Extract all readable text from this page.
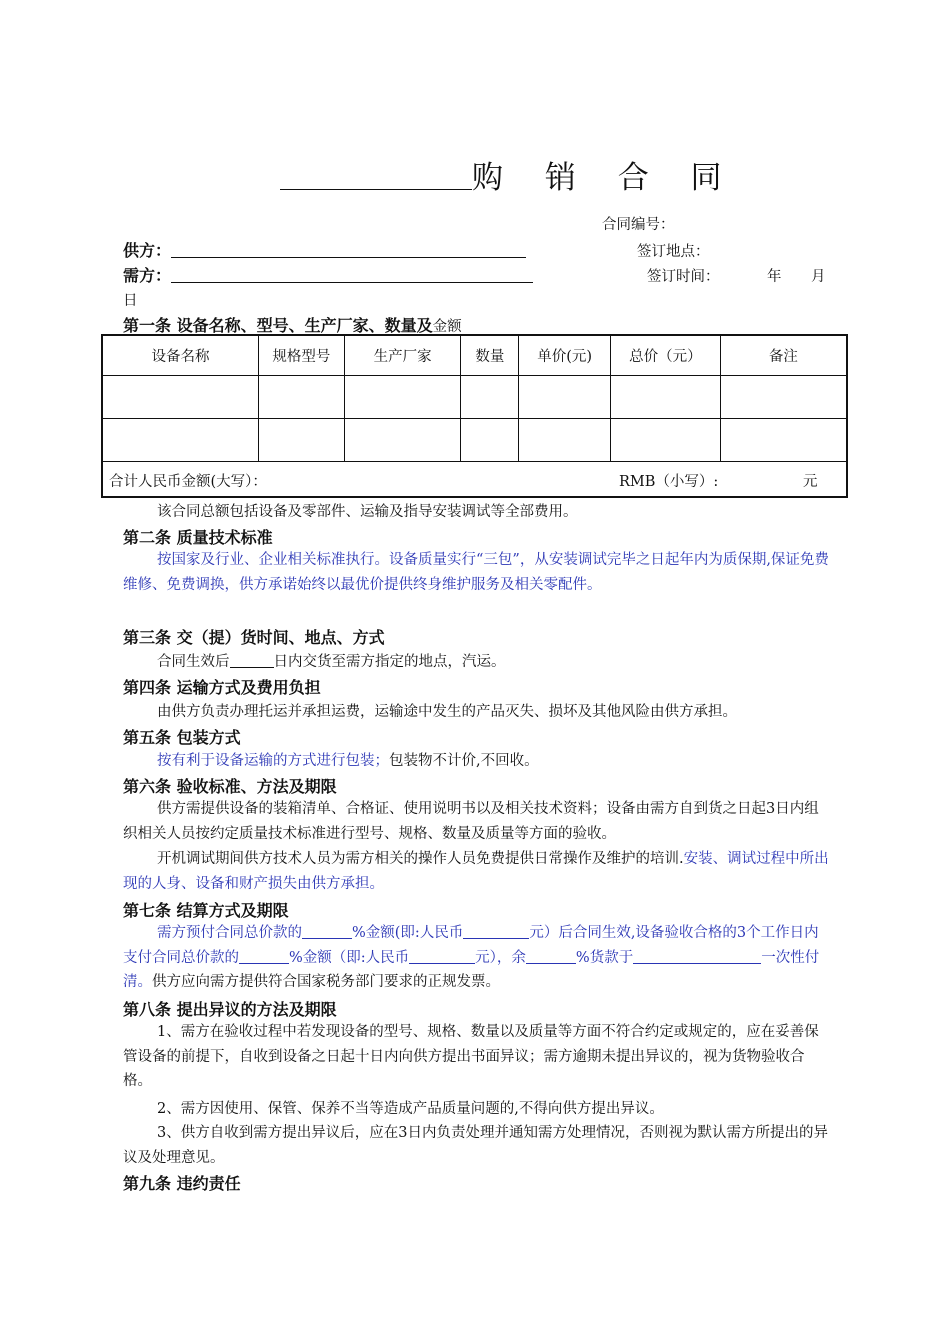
购 销 合 同
合同编号：
供方：	签订地点：
需方：	签订时间：	年 月
日
第一条 设备名称、型号、生产厂家、数量及金额
设备名称	规格型号	生产厂家	数量	单价(元)	总价（元）	备注

合计人民币金额(大写）： RMB（小写）: 元						
该合同总额包括设备及零部件、运输及指导安装调试等全部费用。
第二条 质量技术标准
按国家及行业、企业相关标准执行。设备质量实行“三包”，从安装调试完毕之日起年内为质保期,保证免费维修、免费调换，供方承诺始终以最优价提供终身维护服务及相关零配件。
第三条 交（提）货时间、地点、方式
合同生效后	日内交货至需方指定的地点，汽运。
第四条 运输方式及费用负担
由供方负责办理托运并承担运费，运输途中发生的产品灭失、损坏及其他风险由供方承担。
第五条 包装方式
按有利于设备运输的方式进行包装；包装物不计价,不回收。
第六条 验收标准、方法及期限
供方需提供设备的装箱清单、合格证、使用说明书以及相关技术资料；设备由需方自到货之日起3日内组织相关人员按约定质量技术标准进行型号、规格、数量及质量等方面的验收。
开机调试期间供方技术人员为需方相关的操作人员免费提供日常操作及维护的培训.安装、调试过程中所出现的人身、设备和财产损失由供方承担。
第七条 结算方式及期限
需方预付合同总价款的	%金额(即:人民币	元）后合同生效,设备验收合格的3个工作日内支付合同总价款的	%金额（即:人民币	元），余	%货款于	一次性付清。供方应向需方提供符合国家税务部门要求的正规发票。
第八条 提出异议的方法及期限
1、需方在验收过程中若发现设备的型号、规格、数量以及质量等方面不符合约定或规定的，应在妥善保管设备的前提下，自收到设备之日起十日内向供方提出书面异议；需方逾期未提出异议的，视为货物验收合格。
2、需方因使用、保管、保养不当等造成产品质量问题的,不得向供方提出异议。
3、供方自收到需方提出异议后，应在3日内负责处理并通知需方处理情况，否则视为默认需方所提出的异议及处理意见。
第九条 违约责任
